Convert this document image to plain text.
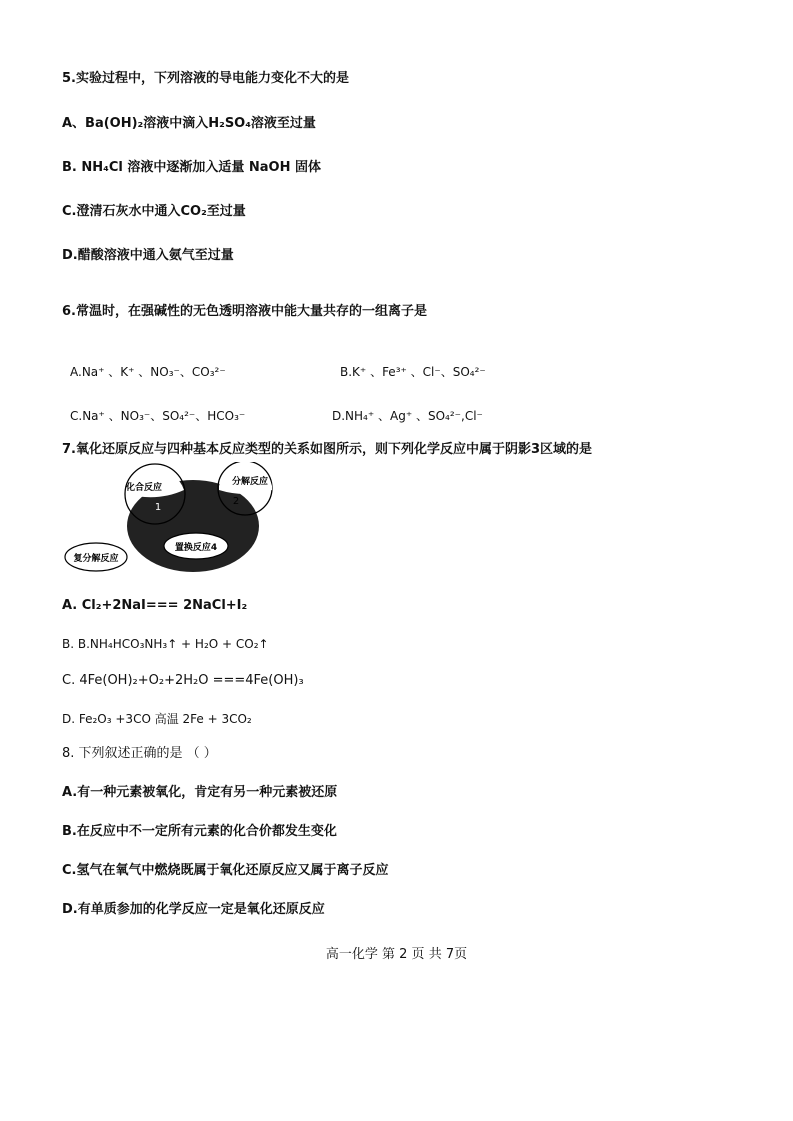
5.实验过程中，下列溶液的导电能力变化不大的是
A、Ba(OH)₂溶液中滴入H₂SO₄溶液至过量
B. NH₄Cl 溶液中逐渐加入适量 NaOH 固体
C.澄清石灰水中通入CO₂至过量
D.醋酸溶液中通入氨气至过量
6.常温时，在强碱性的无色透明溶液中能大量共存的一组离子是
A.Na⁺ 、K⁺ 、NO₃⁻、CO₃²⁻	B.K⁺ 、Fe³⁺ 、Cl⁻、SO₄²⁻
C.Na⁺ 、NO₃⁻、SO₄²⁻、HCO₃⁻	D.NH₄⁺ 、Ag⁺ 、SO₄²⁻,Cl⁻
7.氧化还原反应与四种基本反应类型的关系如图所示，则下列化学反应中属于阴影3区域的是
置换反应4
化合反应
1
分解反应
2
复分解反应
A. Cl₂+2NaI=== 2NaCl+I₂
B. B.NH₄HCO₃NH₃↑ + H₂O + CO₂↑
C. 4Fe(OH)₂+O₂+2H₂O ===4Fe(OH)₃
D. Fe₂O₃ +3CO 高温 2Fe + 3CO₂
8. 下列叙述正确的是 （ ）
A.有一种元素被氧化，肯定有另一种元素被还原
B.在反应中不一定所有元素的化合价都发生变化
C.氢气在氧气中燃烧既属于氧化还原反应又属于离子反应
D.有单质参加的化学反应一定是氧化还原反应
高一化学 第 2 页 共 7页
